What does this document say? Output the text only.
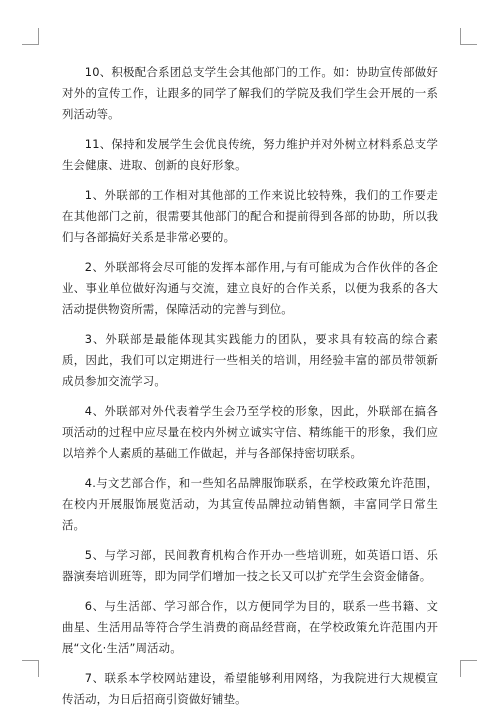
10、积极配合系团总支学生会其他部门的工作。如：协助宣传部做好对外的宣传工作，让跟多的同学了解我们的学院及我们学生会开展的一系列活动等。

11、保持和发展学生会优良传统，努力维护并对外树立材料系总支学生会健康、进取、创新的良好形象。

1、外联部的工作相对其他部的工作来说比较特殊，我们的工作要走在其他部门之前，很需要其他部门的配合和提前得到各部的协助，所以我们与各部搞好关系是非常必要的。

2、外联部将会尽可能的发挥本部作用,与有可能成为合作伙伴的各企业、事业单位做好沟通与交流，建立良好的合作关系，以便为我系的各大活动提供物资所需，保障活动的完善与到位。

3、外联部是最能体现其实践能力的团队，要求具有较高的综合素质，因此，我们可以定期进行一些相关的培训，用经验丰富的部员带领新成员参加交流学习。

4、外联部对外代表着学生会乃至学校的形象，因此，外联部在搞各项活动的过程中应尽量在校内外树立诚实守信、精练能干的形象，我们应以培养个人素质的基础工作做起，并与各部保持密切联系。

4.与文艺部合作，和一些知名品牌服饰联系，在学校政策允许范围，在校内开展服饰展览活动，为其宣传品牌拉动销售额，丰富同学日常生活。

5、与学习部，民间教育机构合作开办一些培训班，如英语口语、乐器演奏培训班等，即为同学们增加一技之长又可以扩充学生会资金储备。

6、与生活部、学习部合作，以方便同学为目的，联系一些书籍、文曲星、生活用品等符合学生消费的商品经营商，在学校政策允许范围内开展“文化·生活”周活动。

7、联系本学校网站建设，希望能够利用网络，为我院进行大规模宣传活动，为日后招商引资做好铺垫。
